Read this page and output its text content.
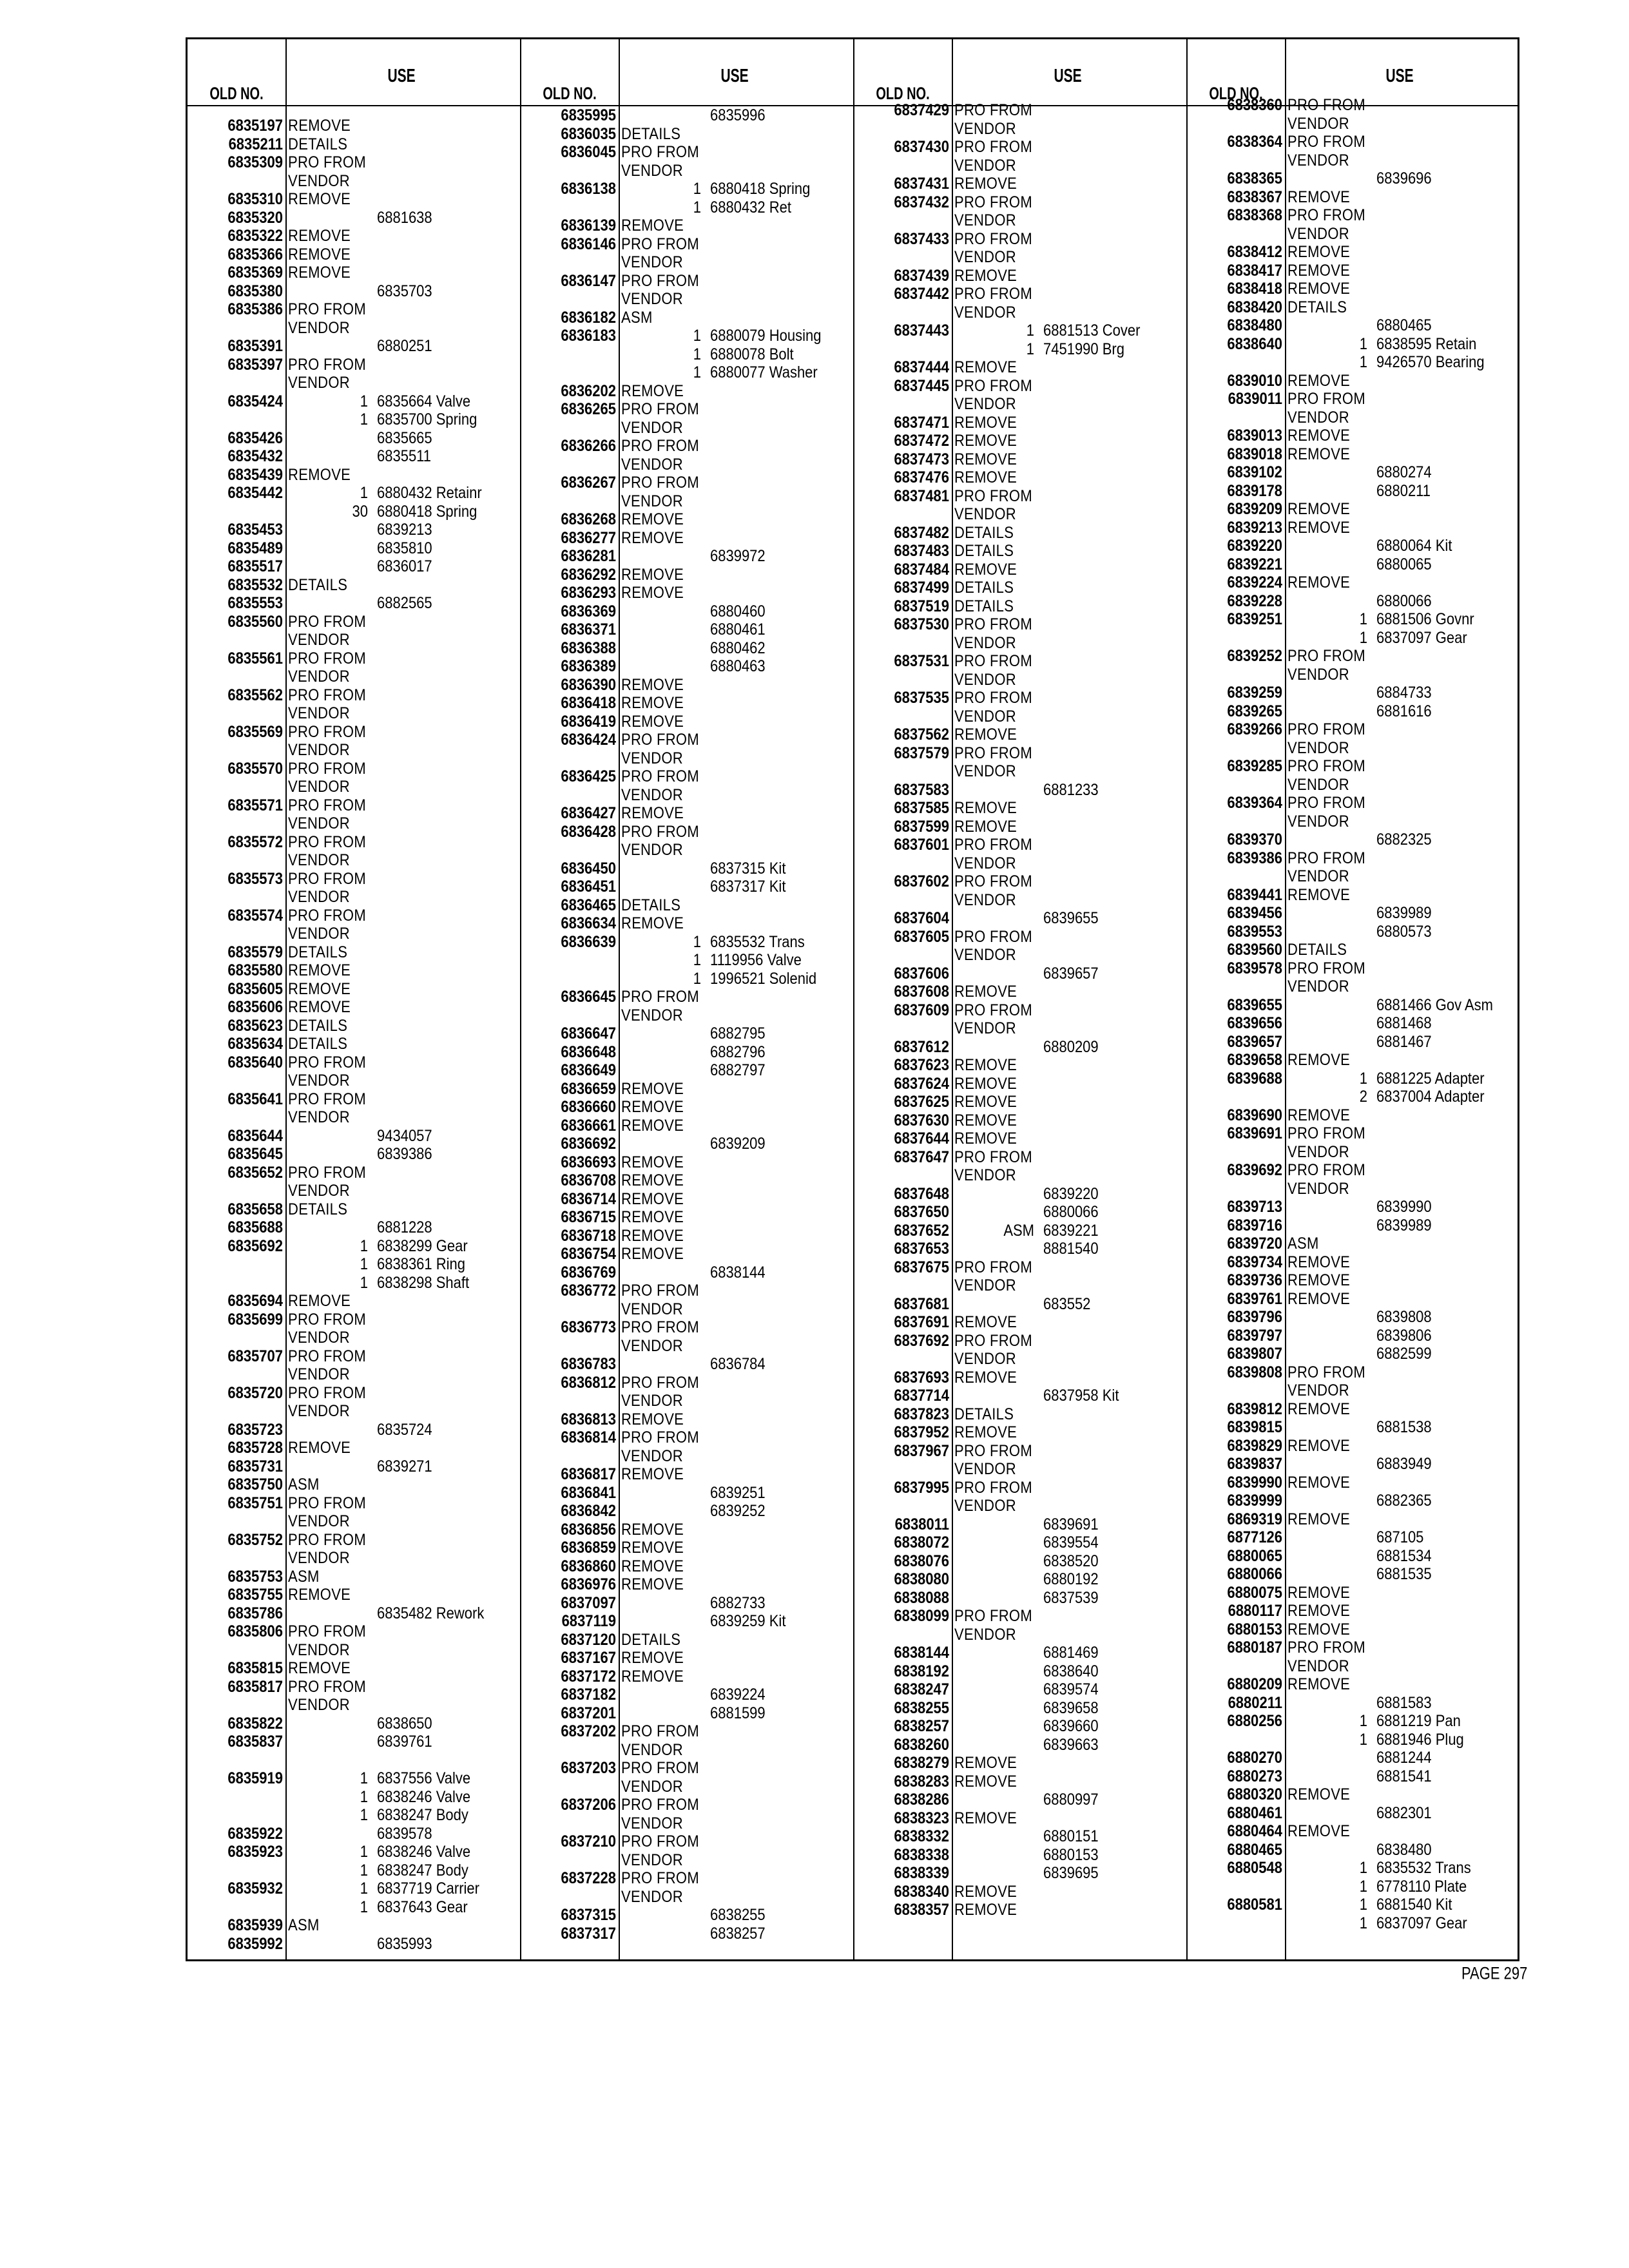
OLD NO.
USE
6835197 REMOVE
6835211 DETAILS
6835309 PRO FROM
VENDOR
6835310 REMOVE
6835320	6881638
6835322 REMOVE
6835366 REMOVE
6835369 REMOVE
6835380	6835703
6835386 PRO FROM
VENDOR
6835391	6880251
6835397 PRO FROM
VENDOR
6835424	1 6835664 Valve
1 6835700 Spring
6835426	6835665
6835432	6835511
6835439 REMOVE
6835442	1 6880432 Retainr
30 6880418 Spring
6835453	6839213
6835489	6835810
6835517	6836017
6835532 DETAILS
6835553	6882565
6835560 PRO FROM
VENDOR
6835561 PRO FROM
VENDOR
6835562 PRO FROM
VENDOR
6835569 PRO FROM
VENDOR
6835570 PRO FROM
VENDOR
6835571 PRO FROM
VENDOR
6835572 PRO FROM
VENDOR
6835573 PRO FROM
VENDOR
6835574 PRO FROM
VENDOR
6835579 DETAILS
6835580 REMOVE
6835605 REMOVE
6835606 REMOVE
6835623 DETAILS
6835634 DETAILS
6835640 PRO FROM
VENDOR
6835641 PRO FROM
VENDOR
6835644	9434057
6835645	6839386
6835652 PRO FROM
VENDOR
6835658 DETAILS
6835688	6881228
6835692	1 6838299 Gear
1 6838361 Ring
1 6838298 Shaft
6835694 REMOVE
6835699 PRO FROM
VENDOR
6835707 PRO FROM
VENDOR
6835720 PRO FROM
VENDOR
6835723	6835724
6835728 REMOVE
6835731	6839271
6835750 ASM
6835751 PRO FROM
VENDOR
6835752 PRO FROM
VENDOR
6835753 ASM
6835755 REMOVE
6835786	6835482 Rework
6835806 PRO FROM
VENDOR
6835815 REMOVE
6835817 PRO FROM
VENDOR
6835822	6838650
6835837	6839761
6835919	1 6837556 Valve
1 6838246 Valve
1 6838247 Body
6835922	6839578
6835923	1 6838246 Valve
1 6838247 Body
6835932	1 6837719 Carrier
1 6837643 Gear
6835939 ASM
6835992	6835993
OLD NO.
USE
6835995	6835996
6836035 DETAILS
6836045 PRO FROM
VENDOR
6836138	1 6880418 Spring
1 6880432 Ret
6836139 REMOVE
6836146 PRO FROM
VENDOR
6836147 PRO FROM
VENDOR
6836182 ASM
6836183	1 6880079 Housing
1 6880078 Bolt
1 6880077 Washer
6836202 REMOVE
6836265 PRO FROM
VENDOR
6836266 PRO FROM
VENDOR
6836267 PRO FROM
VENDOR
6836268 REMOVE
6836277 REMOVE
6836281	6839972
6836292 REMOVE
6836293 REMOVE
6836369	6880460
6836371	6880461
6836388	6880462
6836389	6880463
6836390 REMOVE
6836418 REMOVE
6836419 REMOVE
6836424 PRO FROM
VENDOR
6836425 PRO FROM
VENDOR
6836427 REMOVE
6836428 PRO FROM
VENDOR
6836450	6837315 Kit
6836451	6837317 Kit
6836465 DETAILS
6836634 REMOVE
6836639	1 6835532 Trans
1 1119956 Valve
1 1996521 Solenid
6836645 PRO FROM
VENDOR
6836647	6882795
6836648	6882796
6836649	6882797
6836659 REMOVE
6836660 REMOVE
6836661 REMOVE
6836692	6839209
6836693 REMOVE
6836708 REMOVE
6836714 REMOVE
6836715 REMOVE
6836718 REMOVE
6836754 REMOVE
6836769	6838144
6836772 PRO FROM
VENDOR
6836773 PRO FROM
VENDOR
6836783	6836784
6836812 PRO FROM
VENDOR
6836813 REMOVE
6836814 PRO FROM
VENDOR
6836817 REMOVE
6836841	6839251
6836842	6839252
6836856 REMOVE
6836859 REMOVE
6836860 REMOVE
6836976 REMOVE
6837097	6882733
6837119	6839259 Kit
6837120 DETAILS
6837167 REMOVE
6837172 REMOVE
6837182	6839224
6837201	6881599
6837202 PRO FROM
VENDOR
6837203 PRO FROM
VENDOR
6837206 PRO FROM
VENDOR
6837210 PRO FROM
VENDOR
6837228 PRO FROM
VENDOR
6837315	6838255
6837317	6838257
OLD NO.
USE
6837429 PRO FROM
VENDOR
6837430 PRO FROM
VENDOR
6837431 REMOVE
6837432 PRO FROM
VENDOR
6837433 PRO FROM
VENDOR
6837439 REMOVE
6837442 PRO FROM
VENDOR
6837443	1 6881513 Cover
1 7451990 Brg
6837444 REMOVE
6837445 PRO FROM
VENDOR
6837471 REMOVE
6837472 REMOVE
6837473 REMOVE
6837476 REMOVE
6837481 PRO FROM
VENDOR
6837482 DETAILS
6837483 DETAILS
6837484 REMOVE
6837499 DETAILS
6837519 DETAILS
6837530 PRO FROM
VENDOR
6837531 PRO FROM
VENDOR
6837535 PRO FROM
VENDOR
6837562 REMOVE
6837579 PRO FROM
VENDOR
6837583	6881233
6837585 REMOVE
6837599 REMOVE
6837601 PRO FROM
VENDOR
6837602 PRO FROM
VENDOR
6837604	6839655
6837605 PRO FROM
VENDOR
6837606	6839657
6837608 REMOVE
6837609 PRO FROM
VENDOR
6837612	6880209
6837623 REMOVE
6837624 REMOVE
6837625 REMOVE
6837630 REMOVE
6837644 REMOVE
6837647 PRO FROM
VENDOR
6837648	6839220
6837650	6880066
6837652	ASM 6839221
6837653	8881540
6837675 PRO FROM
VENDOR
6837681	683552
6837691 REMOVE
6837692 PRO FROM
VENDOR
6837693 REMOVE
6837714	6837958 Kit
6837823 DETAILS
6837952 REMOVE
6837967 PRO FROM
VENDOR
6837995 PRO FROM
VENDOR
6838011	6839691
6838072	6839554
6838076	6838520
6838080	6880192
6838088	6837539
6838099 PRO FROM
VENDOR
6838144	6881469
6838192	6838640
6838247	6839574
6838255	6839658
6838257	6839660
6838260	6839663
6838279 REMOVE
6838283 REMOVE
6838286	6880997
6838323 REMOVE
6838332	6880151
6838338	6880153
6838339	6839695
6838340 REMOVE
6838357 REMOVE
OLD NO.
USE
6838360 PRO FROM
VENDOR
6838364 PRO FROM
VENDOR
6838365	6839696
6838367 REMOVE
6838368 PRO FROM
VENDOR
6838412 REMOVE
6838417 REMOVE
6838418 REMOVE
6838420 DETAILS
6838480	6880465
6838640	1 6838595 Retain
1 9426570 Bearing
6839010 REMOVE
6839011 PRO FROM
VENDOR
6839013 REMOVE
6839018 REMOVE
6839102	6880274
6839178	6880211
6839209 REMOVE
6839213 REMOVE
6839220	6880064 Kit
6839221	6880065
6839224 REMOVE
6839228	6880066
6839251	1 6881506 Govnr
1 6837097 Gear
6839252 PRO FROM
VENDOR
6839259	6884733
6839265	6881616
6839266 PRO FROM
VENDOR
6839285 PRO FROM
VENDOR
6839364 PRO FROM
VENDOR
6839370	6882325
6839386 PRO FROM
VENDOR
6839441 REMOVE
6839456	6839989
6839553	6880573
6839560 DETAILS
6839578 PRO FROM
VENDOR
6839655	6881466 Gov Asm
6839656	6881468
6839657	6881467
6839658 REMOVE
6839688	1 6881225 Adapter
2 6837004 Adapter
6839690 REMOVE
6839691 PRO FROM
VENDOR
6839692 PRO FROM
VENDOR
6839713	6839990
6839716	6839989
6839720 ASM
6839734 REMOVE
6839736 REMOVE
6839761 REMOVE
6839796	6839808
6839797	6839806
6839807	6882599
6839808 PRO FROM
VENDOR
6839812 REMOVE
6839815	6881538
6839829 REMOVE
6839837	6883949
6839990 REMOVE
6839999	6882365
6869319 REMOVE
6877126	687105
6880065	6881534
6880066	6881535
6880075 REMOVE
6880117 REMOVE
6880153 REMOVE
6880187 PRO FROM
VENDOR
6880209 REMOVE
6880211	6881583
6880256	1 6881219 Pan
1 6881946 Plug
6880270	6881244
6880273	6881541
6880320 REMOVE
6880461	6882301
6880464 REMOVE
6880465	6838480
6880548	1 6835532 Trans
1 6778110 Plate
6880581	1 6881540 Kit
1 6837097 Gear
PAGE 297
